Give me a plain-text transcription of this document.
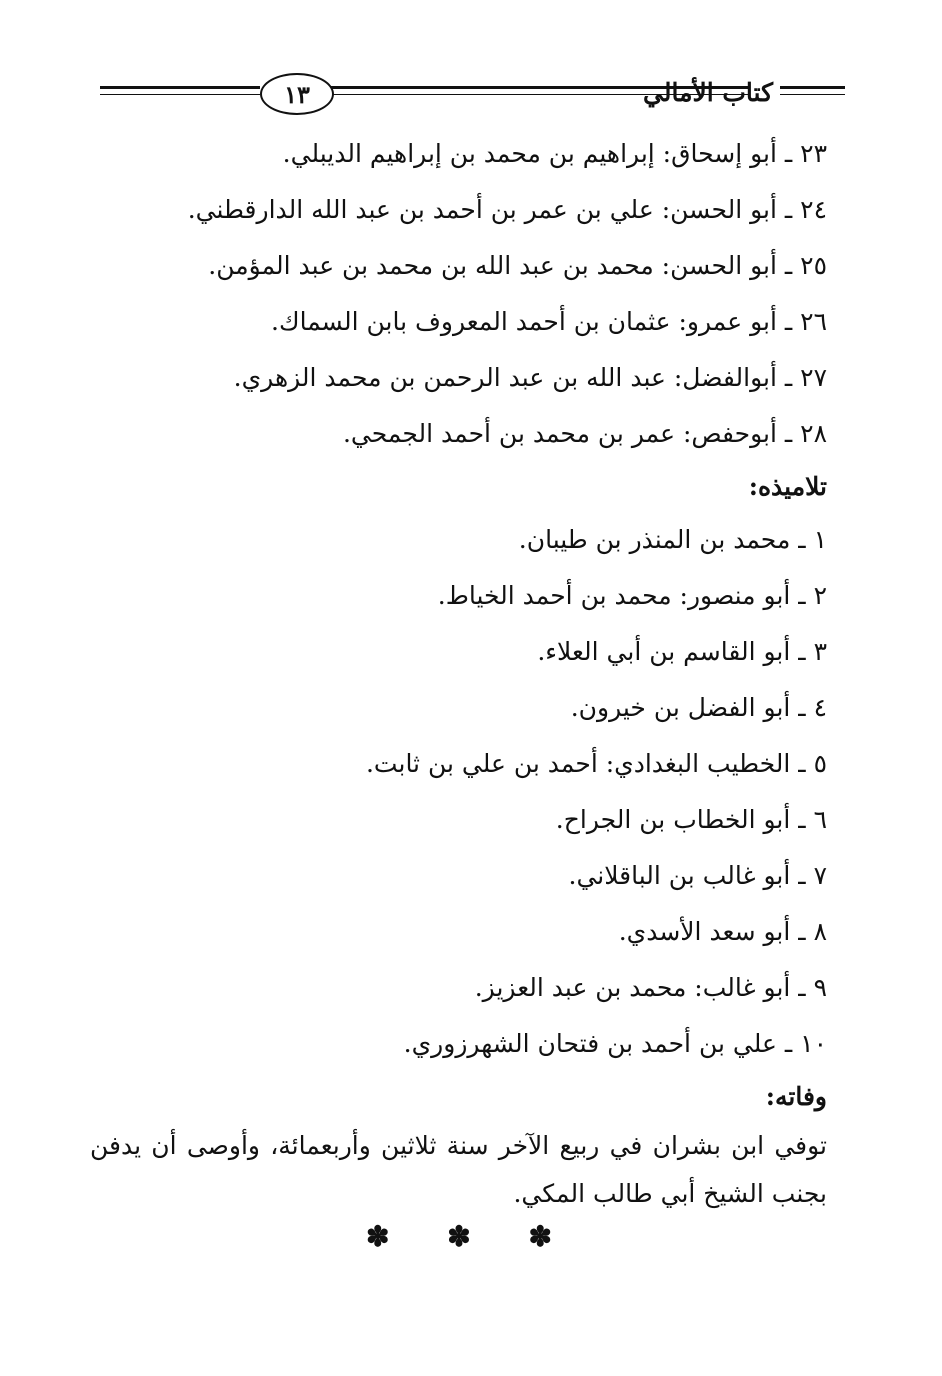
١٣	كتاب الأمالي
٢٣ ـ أبو إسحاق: إبراهيم بن محمد بن إبراهيم الديبلي.
٢٤ ـ أبو الحسن: علي بن عمر بن أحمد بن عبد الله الدارقطني.
٢٥ ـ أبو الحسن: محمد بن عبد الله بن محمد بن عبد المؤمن.
٢٦ ـ أبو عمرو: عثمان بن أحمد المعروف بابن السماك.
٢٧ ـ أبوالفضل: عبد الله بن عبد الرحمن بن محمد الزهري.
٢٨ ـ أبوحفص: عمر بن محمد بن أحمد الجمحي.
تلاميذه:
١ ـ محمد بن المنذر بن طيبان.
٢ ـ أبو منصور: محمد بن أحمد الخياط.
٣ ـ أبو القاسم بن أبي العلاء.
٤ ـ أبو الفضل بن خيرون.
٥ ـ الخطيب البغدادي: أحمد بن علي بن ثابت.
٦ ـ أبو الخطاب بن الجراح.
٧ ـ أبو غالب بن الباقلاني.
٨ ـ أبو سعد الأسدي.
٩ ـ أبو غالب: محمد بن عبد العزيز.
١٠ ـ علي بن أحمد بن فتحان الشهرزوري.
وفاته:
توفي ابن بشران في ربيع الآخر سنة ثلاثين وأربعمائة، وأوصى أن يدفن بجنب الشيخ أبي طالب المكي.
✽ ✽ ✽
